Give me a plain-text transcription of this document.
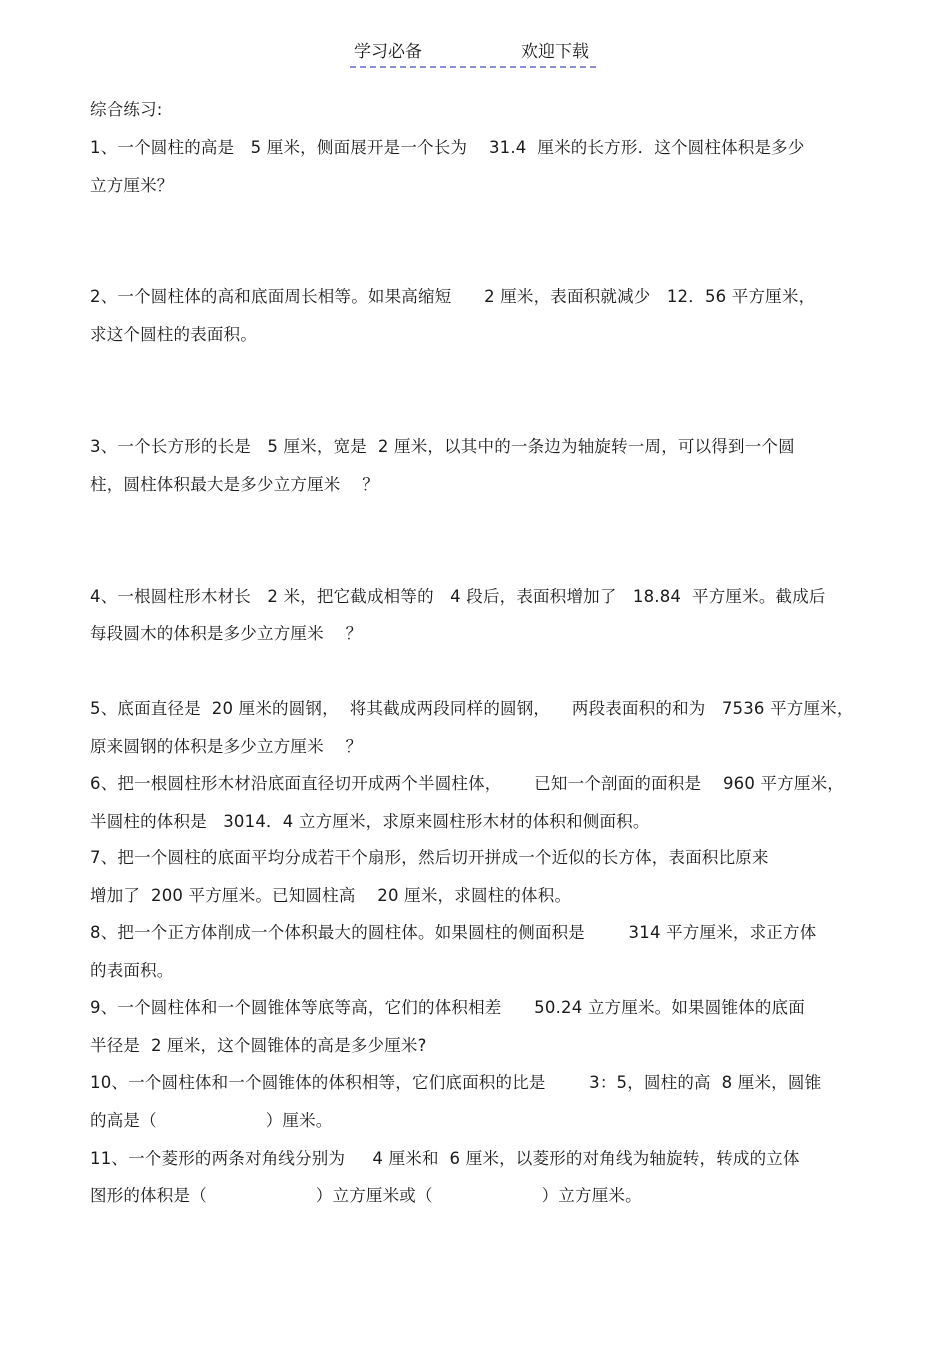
学习必备	欢迎下载
综合练习:
1、一个圆柱的高是   5 厘米，侧面展开是一个长为    31.4  厘米的长方形．这个圆柱体积是多少
立方厘米？
2、一个圆柱体的高和底面周长相等。如果高缩短      2 厘米，表面积就减少   12．56 平方厘米，
求这个圆柱的表面积。
3、一个长方形的长是   5 厘米，宽是  2 厘米，以其中的一条边为轴旋转一周，可以得到一个圆
柱，圆柱体积最大是多少立方厘米    ？
4、一根圆柱形木材长   2 米，把它截成相等的   4 段后，表面积增加了   18.84  平方厘米。截成后
每段圆木的体积是多少立方厘米    ？
5、底面直径是  20 厘米的圆钢，  将其截成两段同样的圆钢，    两段表面积的和为   7536 平方厘米，
原来圆钢的体积是多少立方厘米    ？
6、把一根圆柱形木材沿底面直径切开成两个半圆柱体，      已知一个剖面的面积是    960 平方厘米，
半圆柱的体积是   3014．4 立方厘米，求原来圆柱形木材的体积和侧面积。
7、把一个圆柱的底面平均分成若干个扇形，然后切开拼成一个近似的长方体，表面积比原来
增加了  200 平方厘米。已知圆柱高    20 厘米，求圆柱的体积。
8、把一个正方体削成一个体积最大的圆柱体。如果圆柱的侧面积是        314 平方厘米，求正方体
的表面积。
9、一个圆柱体和一个圆锥体等底等高，它们的体积相差      50.24 立方厘米。如果圆锥体的底面
半径是  2 厘米，这个圆锥体的高是多少厘米?
10、一个圆柱体和一个圆锥体的体积相等，它们底面积的比是        3：5，圆柱的高  8 厘米，圆锥
的高是（                    ）厘米。
11、一个菱形的两条对角线分别为     4 厘米和  6 厘米，以菱形的对角线为轴旋转，转成的立体
图形的体积是（                    ）立方厘米或（                    ）立方厘米。
